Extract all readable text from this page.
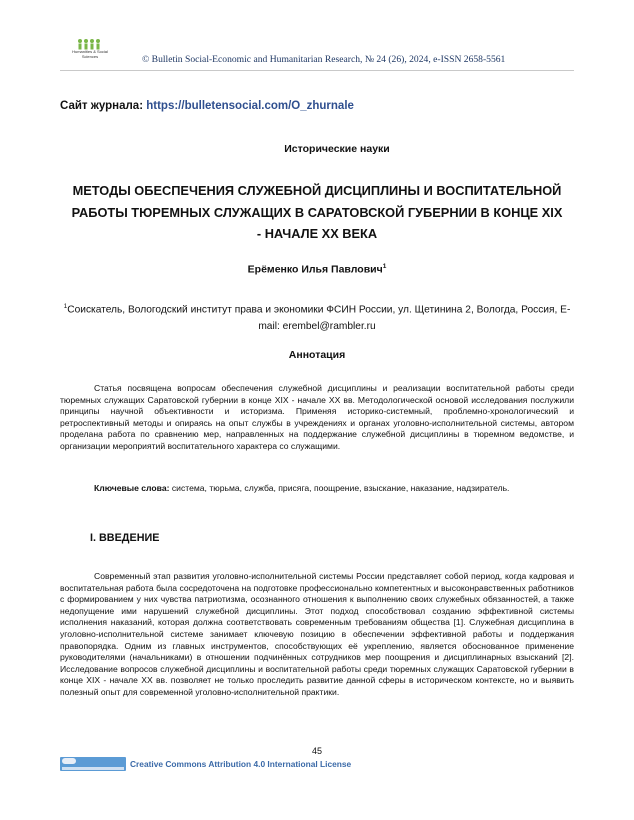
Humanities & Social
Sciences	© Bulletin Social-Economic and Humanitarian Research, № 24 (26), 2024, e-ISSN 2658-5561
Сайт журнала: https://bulletensocial.com/O_zhurnale
Исторические науки
МЕТОДЫ ОБЕСПЕЧЕНИЯ СЛУЖЕБНОЙ ДИСЦИПЛИНЫ И ВОСПИТАТЕЛЬНОЙ РАБОТЫ ТЮРЕМНЫХ СЛУЖАЩИХ В САРАТОВСКОЙ ГУБЕРНИИ В КОНЦЕ XIX - НАЧАЛЕ XX ВЕКА
Ерёменко Илья Павлович$^1$
$^1$Соискатель, Вологодский институт права и экономики ФСИН России, ул. Щетинина 2, Вологда, Россия, E-mail: erembel@rambler.ru
Аннотация

Статья посвящена вопросам обеспечения служебной дисциплины и реализации воспитательной работы среди тюремных служащих Саратовской губернии в конце XIX - начале XX вв. Методологической основой исследования послужили принципы научной объективности и историзма. Применяя историко-системный, проблемно-хронологический и ретроспективный методы и опираясь на опыт службы в учреждениях и органах уголовно-исполнительной системы, автором проделана работа по сравнению мер, направленных на поддержание служебной дисциплины в тюремном ведомстве, и организации мероприятий воспитательного характера со служащими.

Ключевые слова: система, тюрьма, служба, присяга, поощрение, взыскание, наказание, надзиратель.

I. ВВЕДЕНИЕ

Современный этап развития уголовно-исполнительной системы России представляет собой период, когда кадровая и воспитательная работа была сосредоточена на подготовке профессионально компетентных и высоконравственных работников с формированием у них чувства патриотизма, осознанного отношения к выполнению своих служебных обязанностей, а также недопущение ими нарушений служебной дисциплины. Этот подход способствовал созданию эффективной системы исполнения наказаний, которая должна соответствовать современным требованиям общества [1]. Служебная дисциплина в уголовно-исполнительной системе занимает ключевую позицию в обеспечении эффективной работы и поддержания правопорядка. Одним из главных инструментов, способствующих её укреплению, является обоснованное применение руководителями (начальниками) в отношении подчинённых сотрудников мер поощрения и дисциплинарных взысканий [2]. Исследование вопросов служебной дисциплины и воспитательной работы среди тюремных служащих Саратовской губернии в конце XIX - начале XX вв. позволяет не только проследить развитие данной сферы в историческом контексте, но и выявить полезный опыт для современной уголовно-исполнительной практики.

45
Creative Commons Attribution 4.0 International License
